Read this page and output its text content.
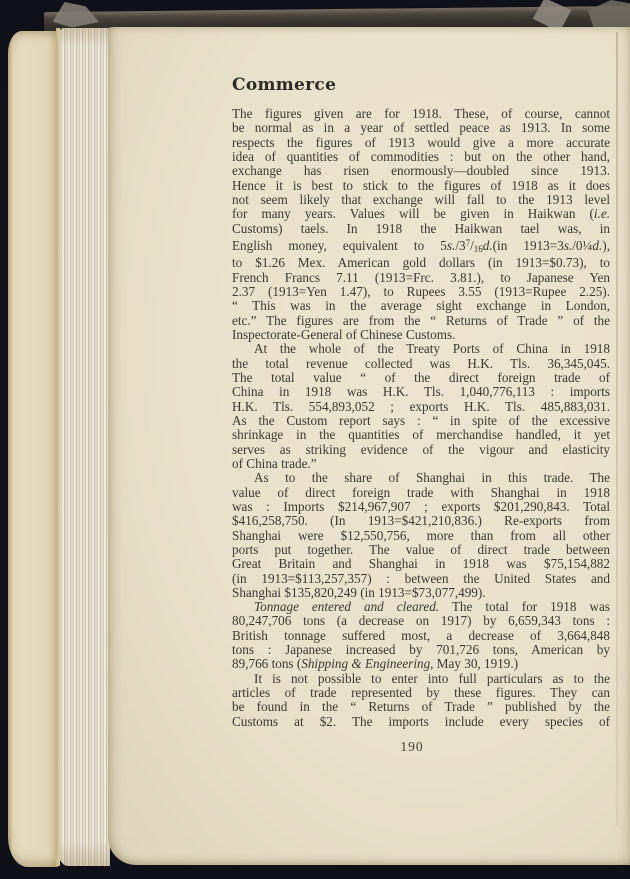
Commerce
The figures given are for 1918. These, of course, cannot
be normal as in a year of settled peace as 1913. In some
respects the figures of 1913 would give a more accurate
idea of quantities of commodities : but on the other hand,
exchange has risen enormously—doubled since 1913.
Hence it is best to stick to the figures of 1918 as it does
not seem likely that exchange will fall to the 1913 level
for many years. Values will be given in Haikwan (i.e.
Customs) taels. In 1918 the Haikwan tael was, in
English money, equivalent to $5s./3^7/16d.(in$ 1913=3s./0¼d.),
to $1.26 Mex. American gold dollars (in 1913=$0.73), to
French Francs 7.11 (1913=Frc. 3.81.), to Japanese Yen
2.37 (1913=Yen 1.47), to Rupees 3.55 (1913=Rupee 2.25).
“ This was in the average sight exchange in London,
etc.” The figures are from the “ Returns of Trade ” of the
Inspectorate-General of Chinese Customs.
At the whole of the Treaty Ports of China in 1918
the total revenue collected was H.K. Tls. 36,345,045.
The total value “ of the direct foreign trade of
China in 1918 was H.K. Tls. 1,040,776,113 : imports
H.K. Tls. 554,893,052 ; exports H.K. Tls. 485,883,031.
As the Custom report says : “ in spite of the excessive
shrinkage in the quantities of merchandise handled, it yet
serves as striking evidence of the vigour and elasticity
of China trade.”
As to the share of Shanghai in this trade. The
value of direct foreign trade with Shanghai in 1918
was : Imports $214,967,907 ; exports $201,290,843. Total
$416,258,750. (In 1913=$421,210,836.) Re-exports from
Shanghai were $12,550,756, more than from all other
ports put together. The value of direct trade between
Great Britain and Shanghai in 1918 was $75,154,882
(in 1913=$113,257,357) : between the United States and
Shanghai $135,820,249 (in 1913=$73,077,499).
Tonnage entered and cleared. The total for 1918 was
80,247,706 tons (a decrease on 1917) by 6,659,343 tons :
British tonnage suffered most, a decrease of 3,664,848
tons : Japanese increased by 701,726 tons, American by
89,766 tons (Shipping & Engineering, May 30, 1919.)
It is not possible to enter into full particulars as to the
articles of trade represented by these figures. They can
be found in the “ Returns of Trade ” published by the
Customs at $2. The imports include every species of
190
